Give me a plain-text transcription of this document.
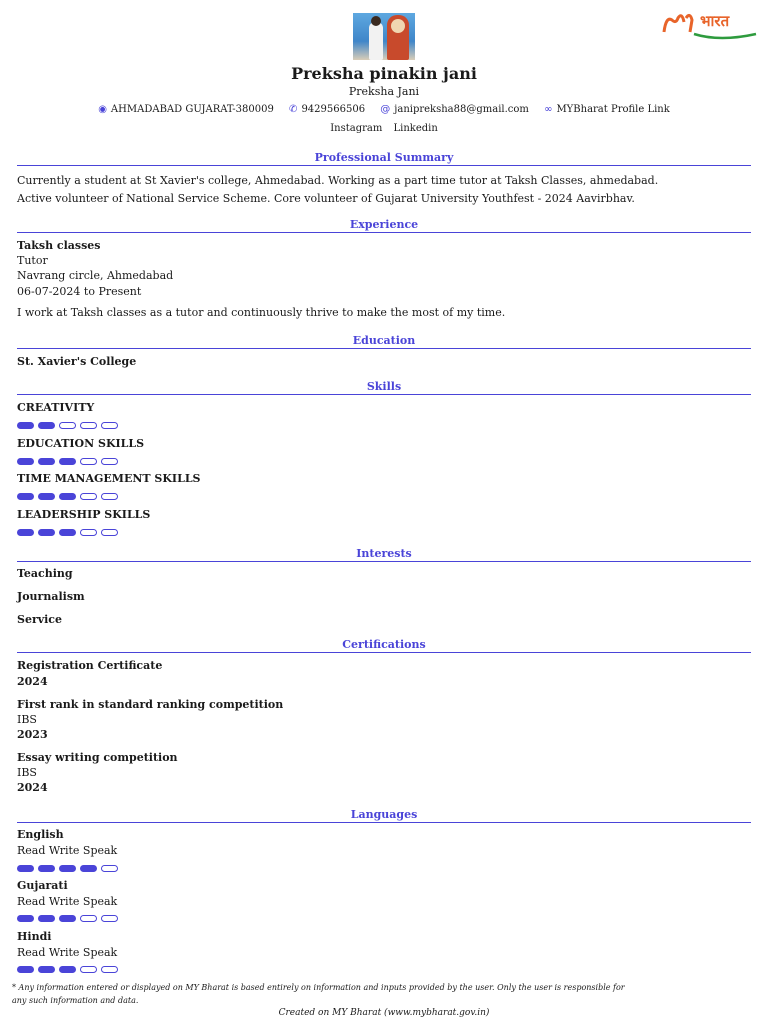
भारत
Preksha pinakin jani
Preksha Jani
◉ AHMADABAD GUJARAT-380009 ✆ 9429566506 @ janipreksha88@gmail.com ∞ MYBharat Profile Link
Instagram Linkedin
Professional Summary
Currently a student at St Xavier's college, Ahmedabad. Working as a part time tutor at Taksh Classes, ahmedabad.
Active volunteer of National Service Scheme. Core volunteer of Gujarat University Youthfest - 2024 Aavirbhav.
Experience
Taksh classes
Tutor
Navrang circle, Ahmedabad
06-07-2024 to Present
I work at Taksh classes as a tutor and continuously thrive to make the most of my time.
Education
St. Xavier's College
Skills
CREATIVITY
EDUCATION SKILLS
TIME MANAGEMENT SKILLS
LEADERSHIP SKILLS
Interests
Teaching
Journalism
Service
Certifications
Registration Certificate
2024
First rank in standard ranking competition
IBS
2023
Essay writing competition
IBS
2024
Languages
English
Read Write Speak
Gujarati
Read Write Speak
Hindi
Read Write Speak
* Any information entered or displayed on MY Bharat is based entirely on information and inputs provided by the user. Only the user is responsible for
any such information and data.
Created on MY Bharat (www.mybharat.gov.in)
